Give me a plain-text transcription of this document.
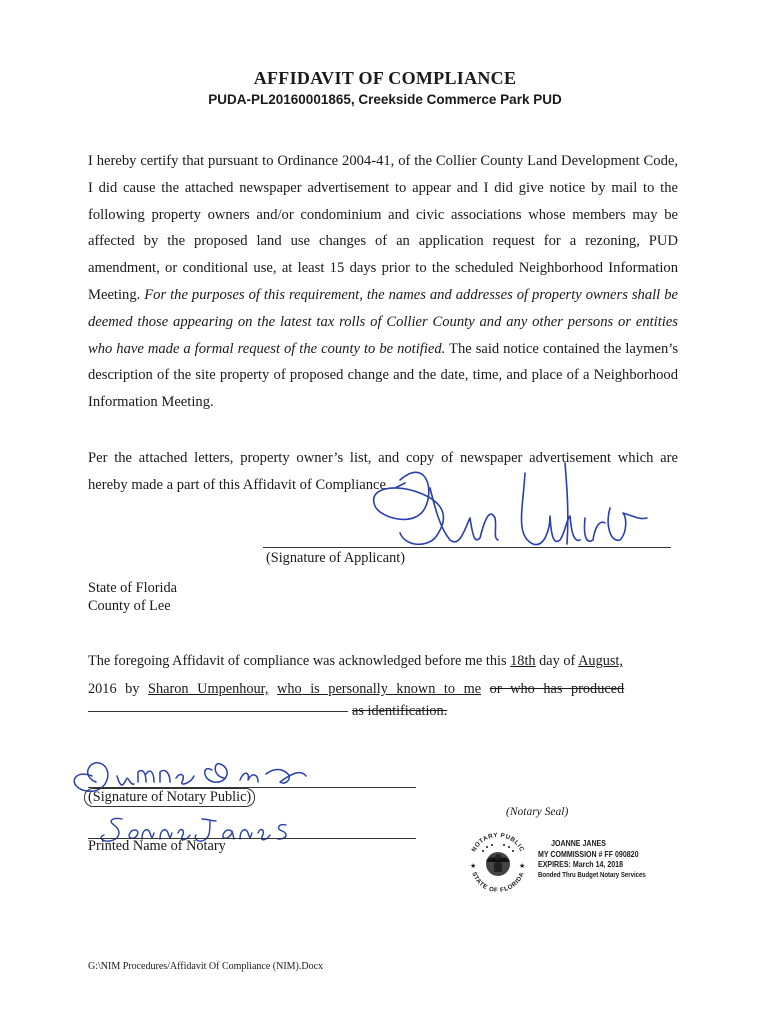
AFFIDAVIT OF COMPLIANCE
PUDA-PL20160001865, Creekside Commerce Park PUD
I hereby certify that pursuant to Ordinance 2004-41, of the Collier County Land Development Code, I did cause the attached newspaper advertisement to appear and I did give notice by mail to the following property owners and/or condominium and civic associations whose members may be affected by the proposed land use changes of an application request for a rezoning, PUD amendment, or conditional use, at least 15 days prior to the scheduled Neighborhood Information Meeting. For the purposes of this requirement, the names and addresses of property owners shall be deemed those appearing on the latest tax rolls of Collier County and any other persons or entities who have made a formal request of the county to be notified. The said notice contained the laymen’s description of the site property of proposed change and the date, time, and place of a Neighborhood Information Meeting.
Per the attached letters, property owner’s list, and copy of newspaper advertisement which are hereby made a part of this Affidavit of Compliance
(Signature of Applicant)
State of Florida
County of Lee
The foregoing Affidavit of compliance was acknowledged before me this 18th day of August,
2016 by Sharon Umpenhour, who is personally known to me or who has produced
as identification.
(Signature of Notary Public)
Printed Name of Notary
(Notary Seal)
NOTARY PUBLIC
STATE OF FLORIDA
★	★
JOANNE JANES
MY COMMISSION # FF 090820
EXPIRES: March 14, 2018
Bonded Thru Budget Notary Services
G:\NIM Procedures/Affidavit Of Compliance (NIM).Docx
